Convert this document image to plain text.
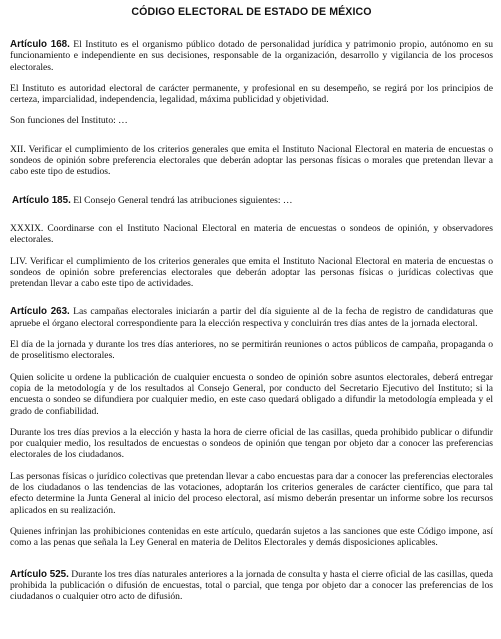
CÓDIGO ELECTORAL DE ESTADO DE MÉXICO

Artículo 168. El Instituto es el organismo público dotado de personalidad jurídica y patrimonio propio, autónomo en su funcionamiento e independiente en sus decisiones, responsable de la organización, desarrollo y vigilancia de los procesos electorales.

El Instituto es autoridad electoral de carácter permanente, y profesional en su desempeño, se regirá por los principios de certeza, imparcialidad, independencia, legalidad, máxima publicidad y objetividad.

Son funciones del Instituto: …

XII. Verificar el cumplimiento de los criterios generales que emita el Instituto Nacional Electoral en materia de encuestas o sondeos de opinión sobre preferencia electorales que deberán adoptar las personas físicas o morales que pretendan llevar a cabo este tipo de estudios.

Artículo 185. El Consejo General tendrá las atribuciones siguientes: …

XXXIX. Coordinarse con el Instituto Nacional Electoral en materia de encuestas o sondeos de opinión, y observadores electorales.

LIV. Verificar el cumplimiento de los criterios generales que emita el Instituto Nacional Electoral en materia de encuestas o sondeos de opinión sobre preferencias electorales que deberán adoptar las personas físicas o jurídicas colectivas que pretendan llevar a cabo este tipo de actividades.

Artículo 263. Las campañas electorales iniciarán a partir del día siguiente al de la fecha de registro de candidaturas que apruebe el órgano electoral correspondiente para la elección respectiva y concluirán tres días antes de la jornada electoral.

El día de la jornada y durante los tres días anteriores, no se permitirán reuniones o actos públicos de campaña, propaganda o de proselitismo electorales.

Quien solicite u ordene la publicación de cualquier encuesta o sondeo de opinión sobre asuntos electorales, deberá entregar copia de la metodología y de los resultados al Consejo General, por conducto del Secretario Ejecutivo del Instituto; si la encuesta o sondeo se difundiera por cualquier medio, en este caso quedará obligado a difundir la metodología empleada y el grado de confiabilidad.

Durante los tres días previos a la elección y hasta la hora de cierre oficial de las casillas, queda prohibido publicar o difundir por cualquier medio, los resultados de encuestas o sondeos de opinión que tengan por objeto dar a conocer las preferencias electorales de los ciudadanos.

Las personas físicas o jurídico colectivas que pretendan llevar a cabo encuestas para dar a conocer las preferencias electorales de los ciudadanos o las tendencias de las votaciones, adoptarán los criterios generales de carácter científico, que para tal efecto determine la Junta General al inicio del proceso electoral, así mismo deberán presentar un informe sobre los recursos aplicados en su realización.

Quienes infrinjan las prohibiciones contenidas en este artículo, quedarán sujetos a las sanciones que este Código impone, así como a las penas que señala la Ley General en materia de Delitos Electorales y demás disposiciones aplicables.

Artículo 525. Durante los tres días naturales anteriores a la jornada de consulta y hasta el cierre oficial de las casillas, queda prohibida la publicación o difusión de encuestas, total o parcial, que tenga por objeto dar a conocer las preferencias de los ciudadanos o cualquier otro acto de difusión.
